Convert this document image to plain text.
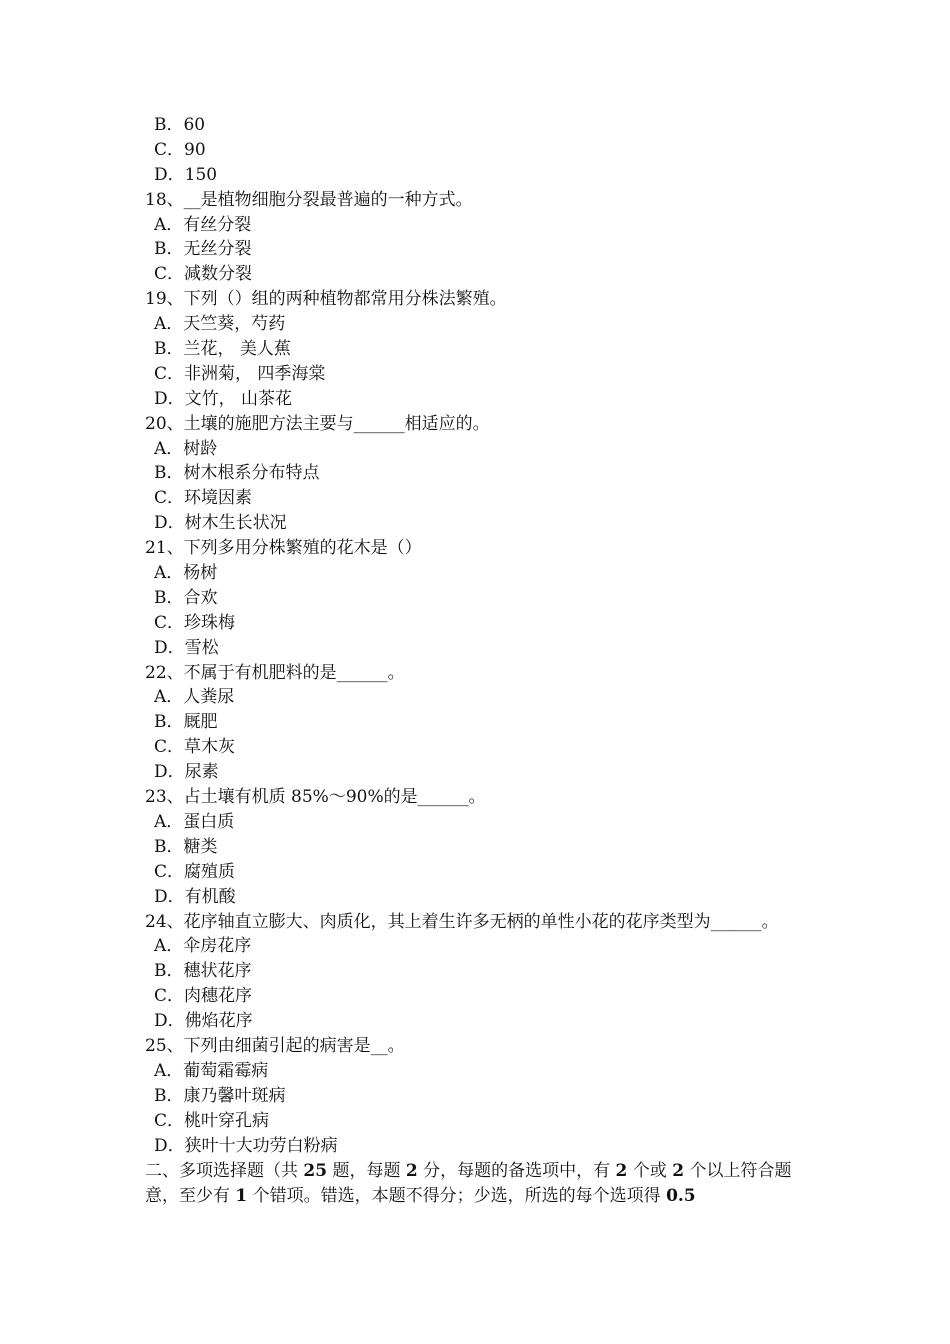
B．60
C．90
D．150
18、__是植物细胞分裂最普遍的一种方式。
A．有丝分裂
B．无丝分裂
C．减数分裂
19、下列（）组的两种植物都常用分株法繁殖。
A．天竺葵，芍药
B．兰花， 美人蕉
C．非洲菊， 四季海棠
D．文竹， 山茶花
20、土壤的施肥方法主要与______相适应的。
A．树龄
B．树木根系分布特点
C．环境因素
D．树木生长状况
21、下列多用分株繁殖的花木是（）
A．杨树
B．合欢
C．珍珠梅
D．雪松
22、不属于有机肥料的是______。
A．人粪尿
B．厩肥
C．草木灰
D．尿素
23、占土壤有机质 85%～90%的是______。
A．蛋白质
B．糖类
C．腐殖质
D．有机酸
24、花序轴直立膨大、肉质化，其上着生许多无柄的单性小花的花序类型为______。
A．伞房花序
B．穗状花序
C．肉穗花序
D．佛焰花序
25、下列由细菌引起的病害是__。
A．葡萄霜霉病
B．康乃馨叶斑病
C．桃叶穿孔病
D．狭叶十大功劳白粉病
二、多项选择题（共 25 题，每题 2 分，每题的备选项中，有 2 个或 2 个以上符合题意，至少有 1 个错项。错选，本题不得分；少选，所选的每个选项得 0.5
